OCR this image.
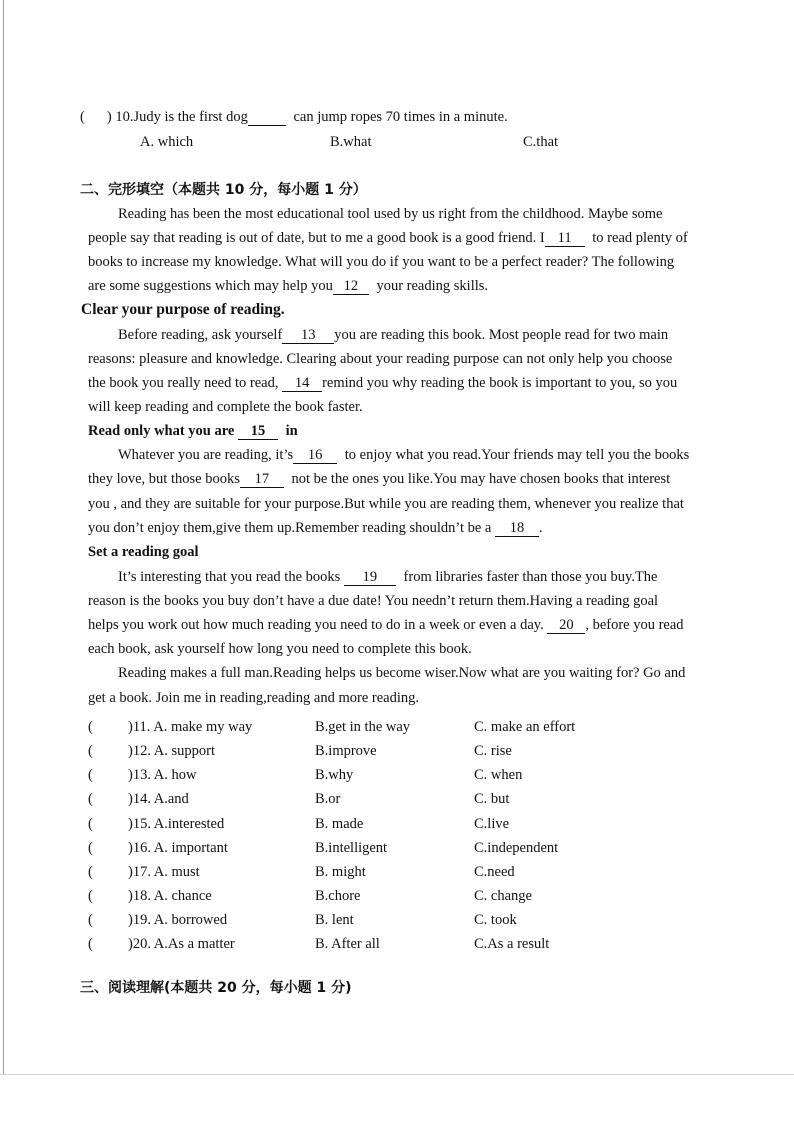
( ) 10.Judy is the first dog	can jump ropes 70 times in a minute.
A. which	B.what	C.that
二、完形填空（本题共 10 分，每小题 1 分）
Reading has been the most educational tool used by us right from the childhood. Maybe some
people say that reading is out of date, but to me a good book is a good friend. I 11 to read plenty of
books to increase my knowledge. What will you do if you want to be a perfect reader? The following
are some suggestions which may help you 12 your reading skills.
Clear your purpose of reading.
Before reading, ask yourself 13 you are reading this book. Most people read for two main
reasons: pleasure and knowledge. Clearing about your reading purpose can not only help you choose
the book you really need to read, 14 remind you why reading the book is important to you, so you
will keep reading and complete the book faster.
Read only what you are 15 in
Whatever you are reading, it’s 16 to enjoy what you read.Your friends may tell you the books
they love, but those books 17 not be the ones you like.You may have chosen books that interest
you , and they are suitable for your purpose.But while you are reading them, whenever you realize that
you don’t enjoy them,give them up.Remember reading shouldn’t be a 18 .
Set a reading goal
It’s interesting that you read the books 19 from libraries faster than those you buy.The
reason is the books you buy don’t have a due date! You needn’t return them.Having a reading goal
helps you work out how much reading you need to do in a week or even a day. 20 , before you read
each book, ask yourself how long you need to complete this book.
Reading makes a full man.Reading helps us become wiser.Now what are you waiting for? Go and
get a book. Join me in reading,reading and more reading.
( )11. A. make my way	B.get in the way	C. make an effort
( )12. A. support	B.improve	C. rise
( )13. A. how	B.why	C. when
( )14. A.and	B.or	C. but
( )15. A.interested	B. made	C.live
( )16. A. important	B.intelligent	C.independent
( )17. A. must	B. might	C.need
( )18. A. chance	B.chore	C. change
( )19. A. borrowed	B. lent	C. took
( )20. A.As a matter	B. After all	C.As a result
三、阅读理解(本题共 20 分，每小题 1 分)
